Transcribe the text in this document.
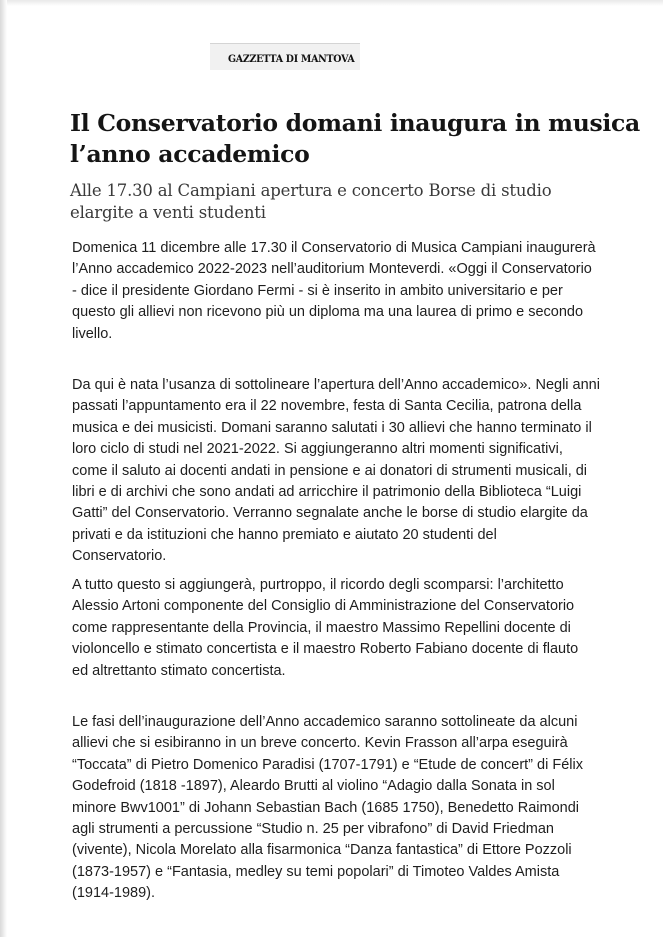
GAZZETTA DI MANTOVA
Il Conservatorio domani inaugura in musica
l’anno accademico
Alle 17.30 al Campiani apertura e concerto Borse di studio
elargite a venti studenti
Domenica 11 dicembre alle 17.30 il Conservatorio di Musica Campiani inaugurerà
l’Anno accademico 2022-2023 nell’auditorium Monteverdi. «Oggi il Conservatorio
- dice il presidente Giordano Fermi - si è inserito in ambito universitario e per
questo gli allievi non ricevono più un diploma ma una laurea di primo e secondo
livello.
Da qui è nata l’usanza di sottolineare l’apertura dell’Anno accademico». Negli anni
passati l’appuntamento era il 22 novembre, festa di Santa Cecilia, patrona della
musica e dei musicisti. Domani saranno salutati i 30 allievi che hanno terminato il
loro ciclo di studi nel 2021-2022. Si aggiungeranno altri momenti significativi,
come il saluto ai docenti andati in pensione e ai donatori di strumenti musicali, di
libri e di archivi che sono andati ad arricchire il patrimonio della Biblioteca “Luigi
Gatti” del Conservatorio. Verranno segnalate anche le borse di studio elargite da
privati e da istituzioni che hanno premiato e aiutato 20 studenti del
Conservatorio.
A tutto questo si aggiungerà, purtroppo, il ricordo degli scomparsi: l’architetto
Alessio Artoni componente del Consiglio di Amministrazione del Conservatorio
come rappresentante della Provincia, il maestro Massimo Repellini docente di
violoncello e stimato concertista e il maestro Roberto Fabiano docente di flauto
ed altrettanto stimato concertista.
Le fasi dell’inaugurazione dell’Anno accademico saranno sottolineate da alcuni
allievi che si esibiranno in un breve concerto. Kevin Frasson all’arpa eseguirà
“Toccata” di Pietro Domenico Paradisi (1707-1791) e “Etude de concert” di Félix
Godefroid (1818 -1897), Aleardo Brutti al violino “Adagio dalla Sonata in sol
minore Bwv1001” di Johann Sebastian Bach (1685 1750), Benedetto Raimondi
agli strumenti a percussione “Studio n. 25 per vibrafono” di David Friedman
(vivente), Nicola Morelato alla fisarmonica “Danza fantastica” di Ettore Pozzoli
(1873-1957) e “Fantasia, medley su temi popolari” di Timoteo Valdes Amista
(1914-1989).
